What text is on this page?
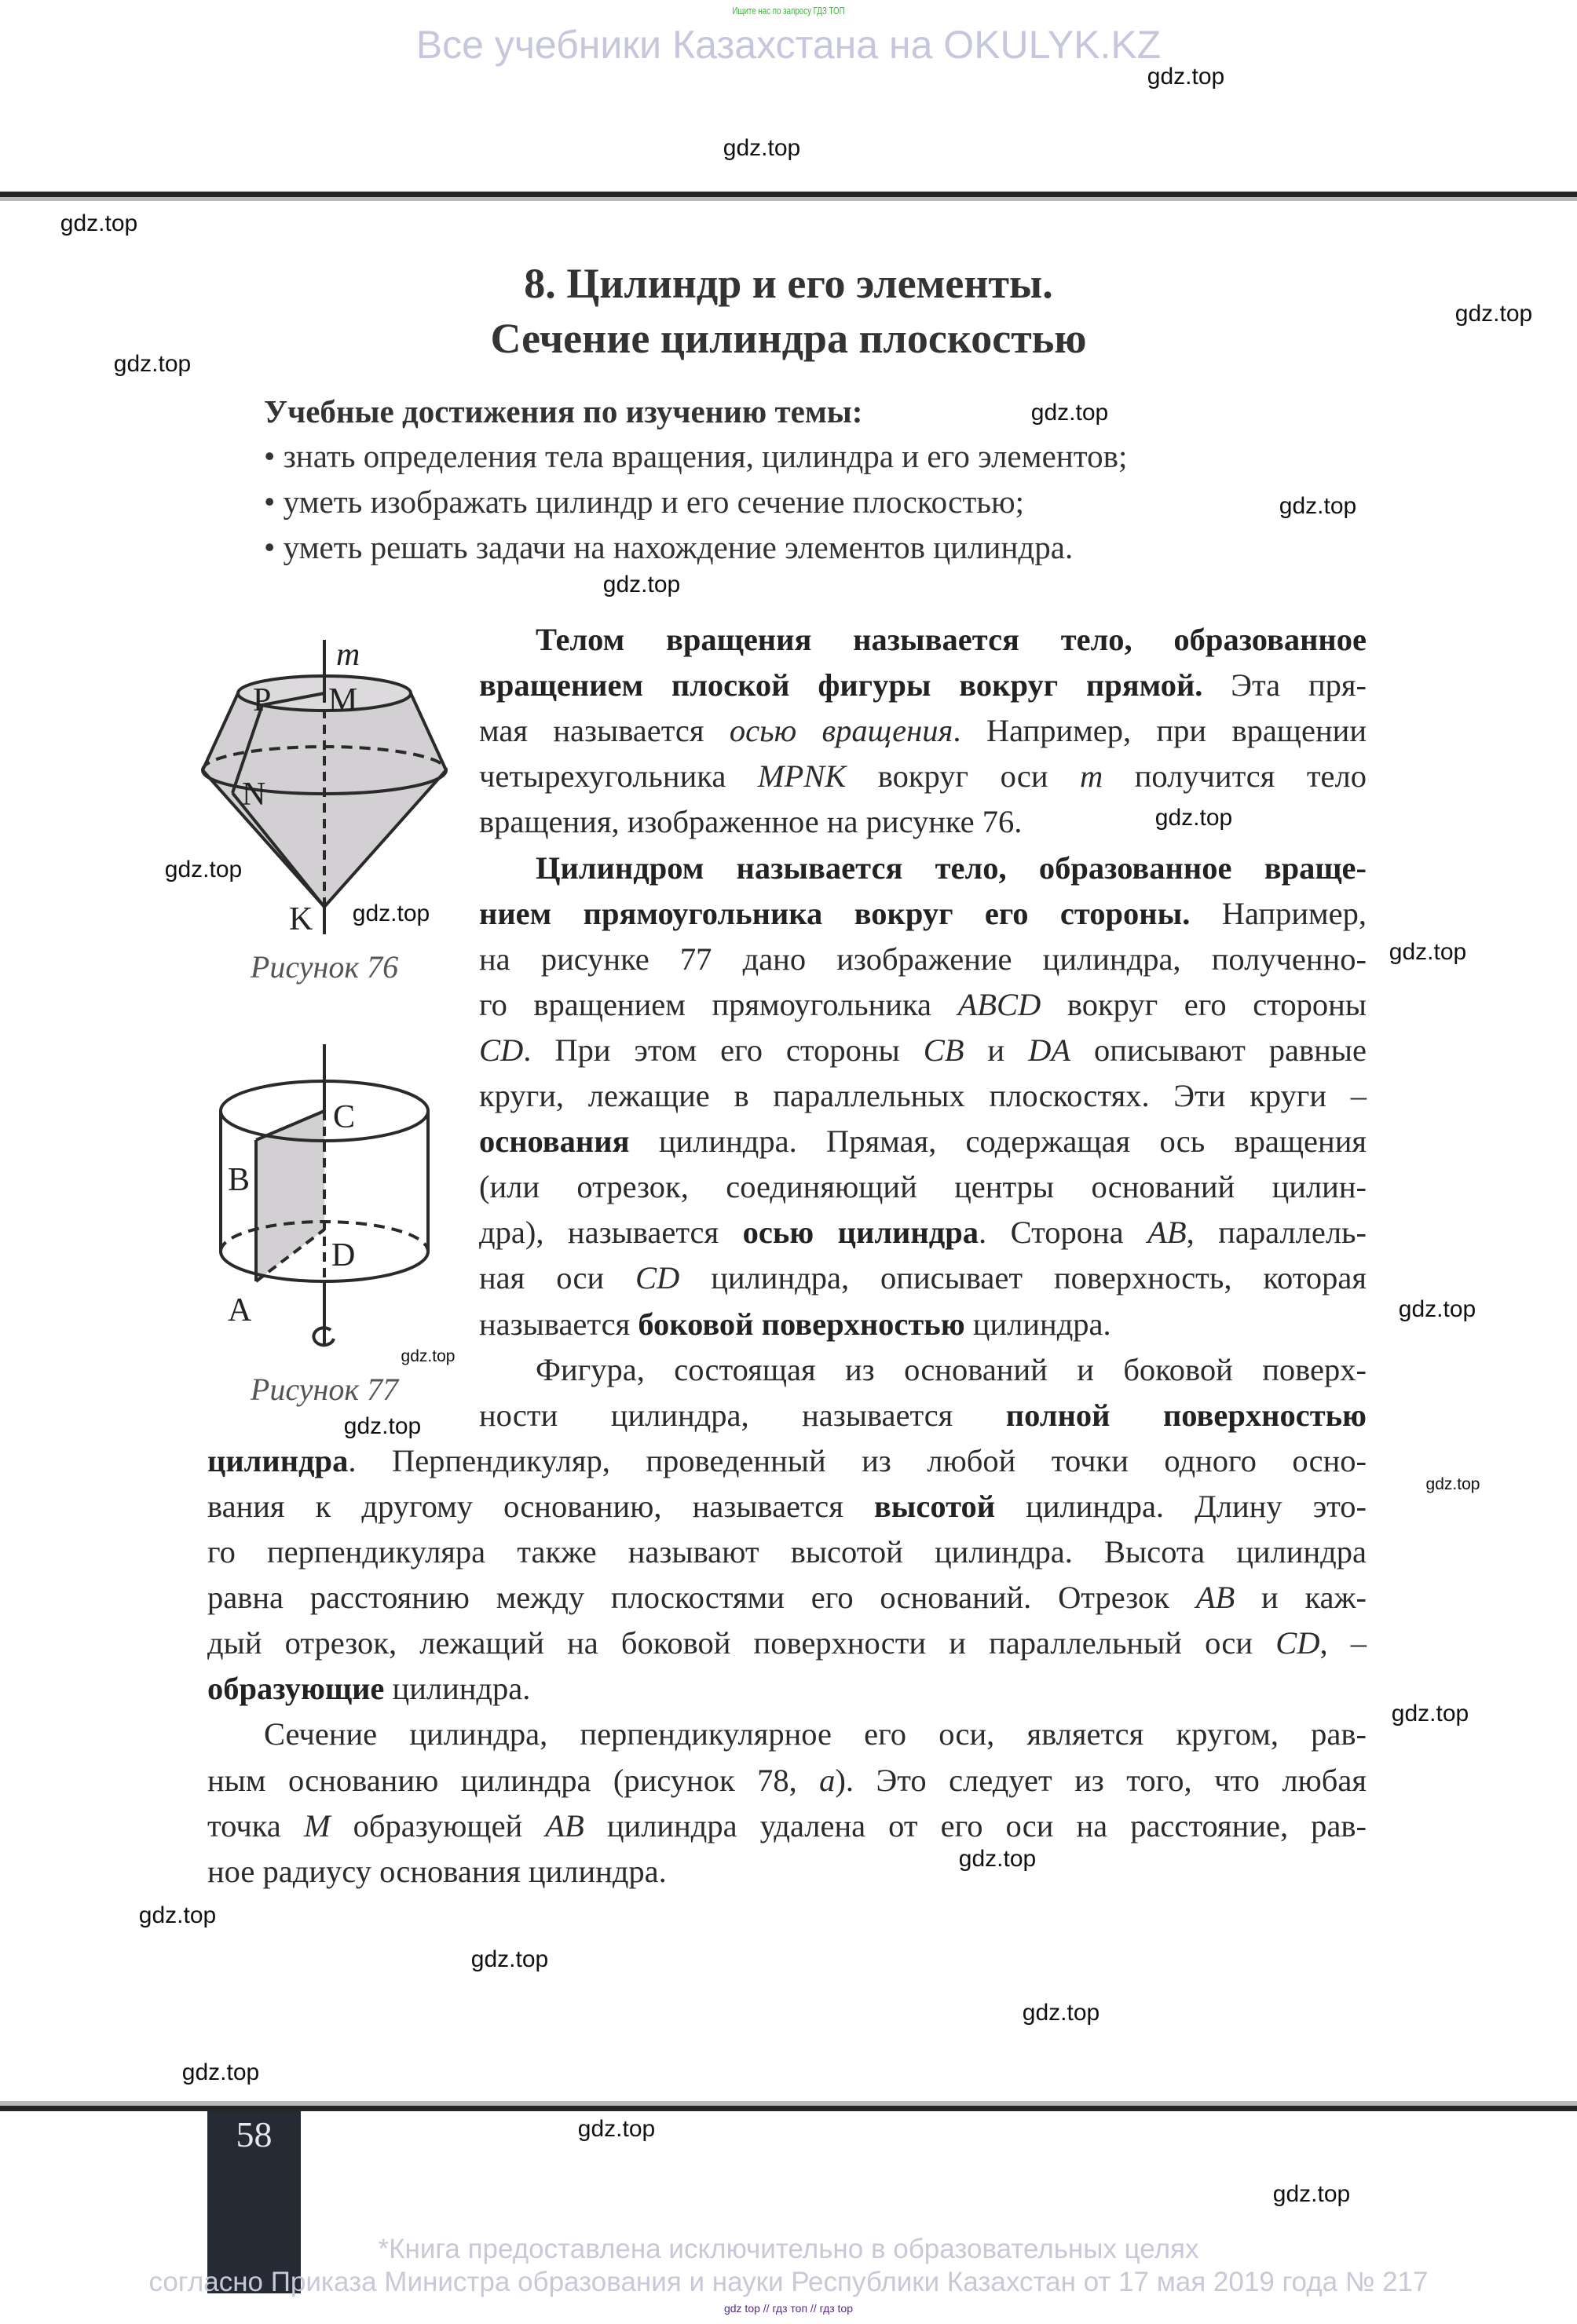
Ищите нас по запросу ГДЗ ТОП
Все учебники Казахстана на OKULYK.KZ
8. Цилиндр и его элементы.
Сечение цилиндра плоскостью
Учебные достижения по изучению темы:
• знать определения тела вращения, цилиндра и его элементов;
• уметь изображать цилиндр и его сечение плоскостью;
• уметь решать задачи на нахождение элементов цилиндра.
m
P M
N
K
Рисунок 76
C
B
D
A
Рисунок 77
Телом вращения называется тело, образованное
вращением плоской фигуры вокруг прямой. Эта пря-
мая называется осью вращения. Например, при вращении
четырехугольника MPNK вокруг оси m получится тело
вращения, изображенное на рисунке 76.
Цилиндром называется тело, образованное враще-
нием прямоугольника вокруг его стороны. Например,
на рисунке 77 дано изображение цилиндра, полученно-
го вращением прямоугольника ABCD вокруг его стороны
CD. При этом его стороны CB и DA описывают равные
круги, лежащие в параллельных плоскостях. Эти круги –
основания цилиндра. Прямая, содержащая ось вращения
(или отрезок, соединяющий центры оснований цилин-
дра), называется осью цилиндра. Сторона AB, параллель-
ная оси CD цилиндра, описывает поверхность, которая
называется боковой поверхностью цилиндра.
Фигура, состоящая из оснований и боковой поверх-
ности цилиндра, называется полной поверхностью
цилиндра. Перпендикуляр, проведенный из любой точки одного осно-
вания к другому основанию, называется высотой цилиндра. Длину это-
го перпендикуляра также называют высотой цилиндра. Высота цилиндра
равна расстоянию между плоскостями его оснований. Отрезок AB и каж-
дый отрезок, лежащий на боковой поверхности и параллельный оси CD, –
образующие цилиндра.
Сечение цилиндра, перпендикулярное его оси, является кругом, рав-
ным основанию цилиндра (рисунок 78, а). Это следует из того, что любая
точка M образующей AB цилиндра удалена от его оси на расстояние, рав-
ное радиусу основания цилиндра.
58
*Книга предоставлена исключительно в образовательных целях
согласно Приказа Министра образования и науки Республики Казахстан от 17 мая 2019 года № 217
gdz top // гдз топ // гдз top
gdz.top
gdz.top
gdz.top
gdz.top
gdz.top
gdz.top
gdz.top
gdz.top
gdz.top
gdz.top
gdz.top
gdz.top
gdz.top
gdz.top
gdz.top
gdz.top
gdz.top
gdz.top
gdz.top
gdz.top
gdz.top
gdz.top
gdz.top
gdz.top
